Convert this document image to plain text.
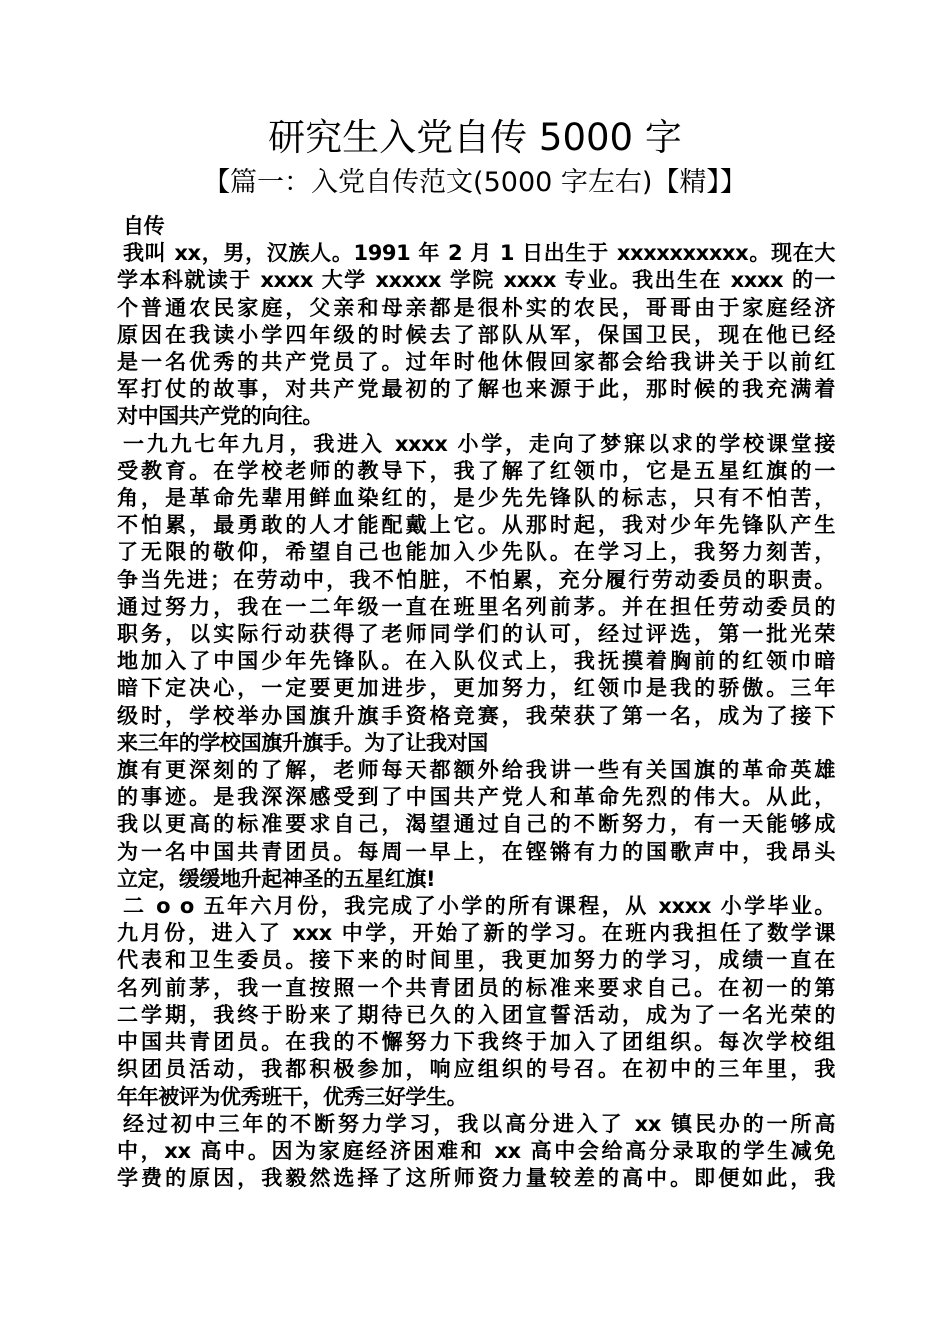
研究生入党自传 5000 字
【篇一：入党自传范文(5000 字左右)【精】】
自传
我叫 xx，男，汉族人。1991 年 2 月 1 日出生于 xxxxxxxxxx。现在大
学本科就读于 xxxx 大学 xxxxx 学院 xxxx 专业。我出生在 xxxx 的一
个普通农民家庭，父亲和母亲都是很朴实的农民，哥哥由于家庭经济
原因在我读小学四年级的时候去了部队从军，保国卫民，现在他已经
是一名优秀的共产党员了。过年时他休假回家都会给我讲关于以前红
军打仗的故事，对共产党最初的了解也来源于此，那时候的我充满着
对中国共产党的向往。
一九九七年九月，我进入 xxxx 小学，走向了梦寐以求的学校课堂接
受教育。在学校老师的教导下，我了解了红领巾，它是五星红旗的一
角，是革命先辈用鲜血染红的，是少先先锋队的标志，只有不怕苦，
不怕累，最勇敢的人才能配戴上它。从那时起，我对少年先锋队产生
了无限的敬仰，希望自己也能加入少先队。在学习上，我努力刻苦，
争当先进；在劳动中，我不怕脏，不怕累，充分履行劳动委员的职责。
通过努力，我在一二年级一直在班里名列前茅。并在担任劳动委员的
职务，以实际行动获得了老师同学们的认可，经过评选，第一批光荣
地加入了中国少年先锋队。在入队仪式上，我抚摸着胸前的红领巾暗
暗下定决心，一定要更加进步，更加努力，红领巾是我的骄傲。三年
级时，学校举办国旗升旗手资格竞赛，我荣获了第一名，成为了接下
来三年的学校国旗升旗手。为了让我对国
旗有更深刻的了解，老师每天都额外给我讲一些有关国旗的革命英雄
的事迹。是我深深感受到了中国共产党人和革命先烈的伟大。从此，
我以更高的标准要求自己，渴望通过自己的不断努力，有一天能够成
为一名中国共青团员。每周一早上，在铿锵有力的国歌声中，我昂头
立定，缓缓地升起神圣的五星红旗!
二 o o 五年六月份，我完成了小学的所有课程，从 xxxx 小学毕业。
九月份，进入了 xxx 中学，开始了新的学习。在班内我担任了数学课
代表和卫生委员。接下来的时间里，我更加努力的学习，成绩一直在
名列前茅，我一直按照一个共青团员的标准来要求自己。在初一的第
二学期，我终于盼来了期待已久的入团宣誓活动，成为了一名光荣的
中国共青团员。在我的不懈努力下我终于加入了团组织。每次学校组
织团员活动，我都积极参加，响应组织的号召。在初中的三年里，我
年年被评为优秀班干，优秀三好学生。
经过初中三年的不断努力学习，我以高分进入了 xx 镇民办的一所高
中，xx 高中。因为家庭经济困难和 xx 高中会给高分录取的学生减免
学费的原因，我毅然选择了这所师资力量较差的高中。即便如此，我
